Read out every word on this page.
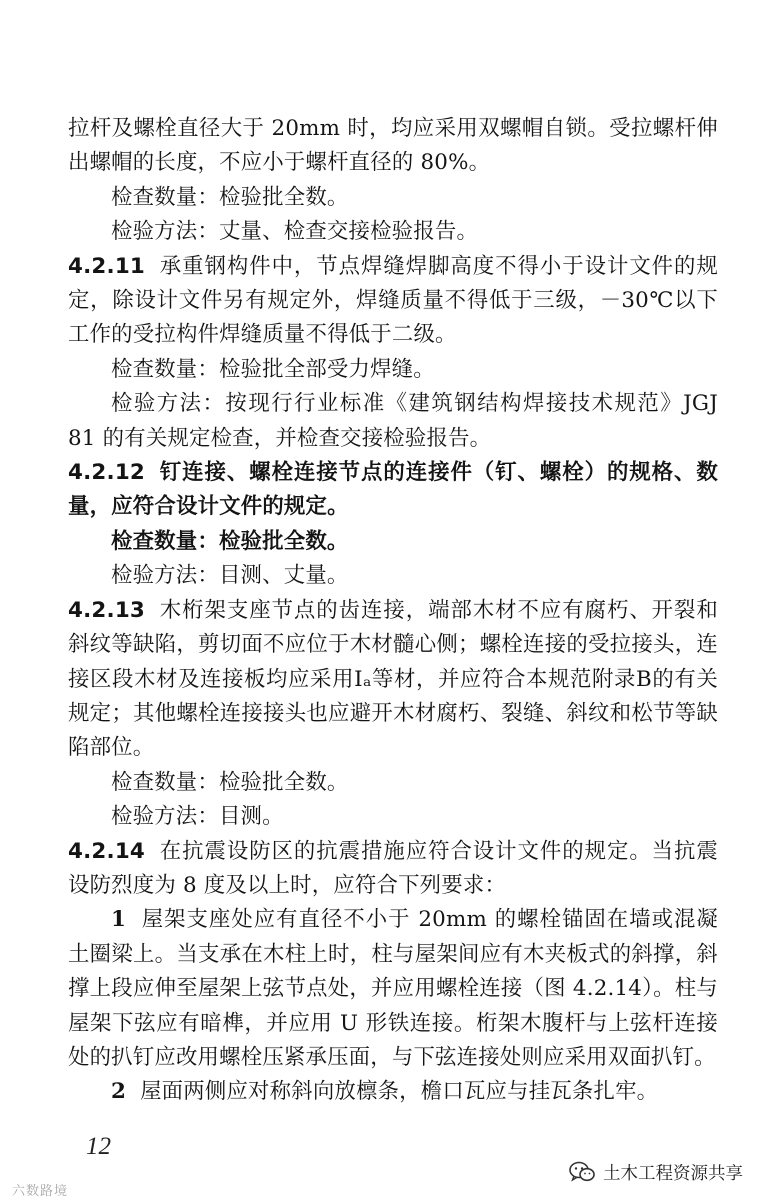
拉杆及螺栓直径大于 20mm 时，均应采用双螺帽自锁。受拉螺杆伸出螺帽的长度，不应小于螺杆直径的 80%。

检查数量：检验批全数。

检验方法：丈量、检查交接检验报告。

4.2.11 承重钢构件中，节点焊缝焊脚高度不得小于设计文件的规定，除设计文件另有规定外，焊缝质量不得低于三级，－30℃以下工作的受拉构件焊缝质量不得低于二级。

检查数量：检验批全部受力焊缝。

检验方法：按现行行业标准《建筑钢结构焊接技术规范》JGJ 81 的有关规定检查，并检查交接检验报告。

4.2.12 钉连接、螺栓连接节点的连接件（钉、螺栓）的规格、数量，应符合设计文件的规定。

检查数量：检验批全数。

检验方法：目测、丈量。

4.2.13 木桁架支座节点的齿连接，端部木材不应有腐朽、开裂和斜纹等缺陷，剪切面不应位于木材髓心侧；螺栓连接的受拉接头，连接区段木材及连接板均应采用Ⅰₐ等材，并应符合本规范附录B的有关规定；其他螺栓连接接头也应避开木材腐朽、裂缝、斜纹和松节等缺陷部位。

检查数量：检验批全数。

检验方法：目测。

4.2.14 在抗震设防区的抗震措施应符合设计文件的规定。当抗震设防烈度为 8 度及以上时，应符合下列要求：

1 屋架支座处应有直径不小于 20mm 的螺栓锚固在墙或混凝土圈梁上。当支承在木柱上时，柱与屋架间应有木夹板式的斜撑，斜撑上段应伸至屋架上弦节点处，并应用螺栓连接（图 4.2.14）。柱与屋架下弦应有暗榫，并应用 U 形铁连接。桁架木腹杆与上弦杆连接处的扒钉应改用螺栓压紧承压面，与下弦连接处则应采用双面扒钉。

2 屋面两侧应对称斜向放檩条，檐口瓦应与挂瓦条扎牢。

12
土木工程资源共享
六数路境
